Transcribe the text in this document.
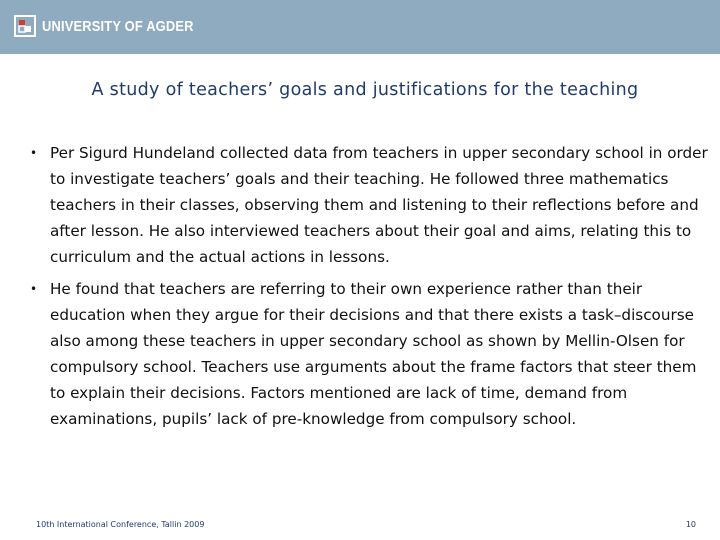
UNIVERSITY OF AGDER
A study of teachers’ goals and justifications for the teaching
• Per Sigurd Hundeland collected data from teachers in upper secondary school in order to investigate teachers’ goals and their teaching. He followed three mathematics teachers in their classes, observing them and listening to their reflections before and after lesson. He also interviewed teachers about their goal and aims, relating this to curriculum and the actual actions in lessons.
• He found that teachers are referring to their own experience rather than their education when they argue for their decisions and that there exists a task–discourse also among these teachers in upper secondary school as shown by Mellin-Olsen for compulsory school. Teachers use arguments about the frame factors that steer them to explain their decisions. Factors mentioned are lack of time, demand from examinations, pupils’ lack of pre-knowledge from compulsory school.
10th International Conference, Tallin 2009	10
